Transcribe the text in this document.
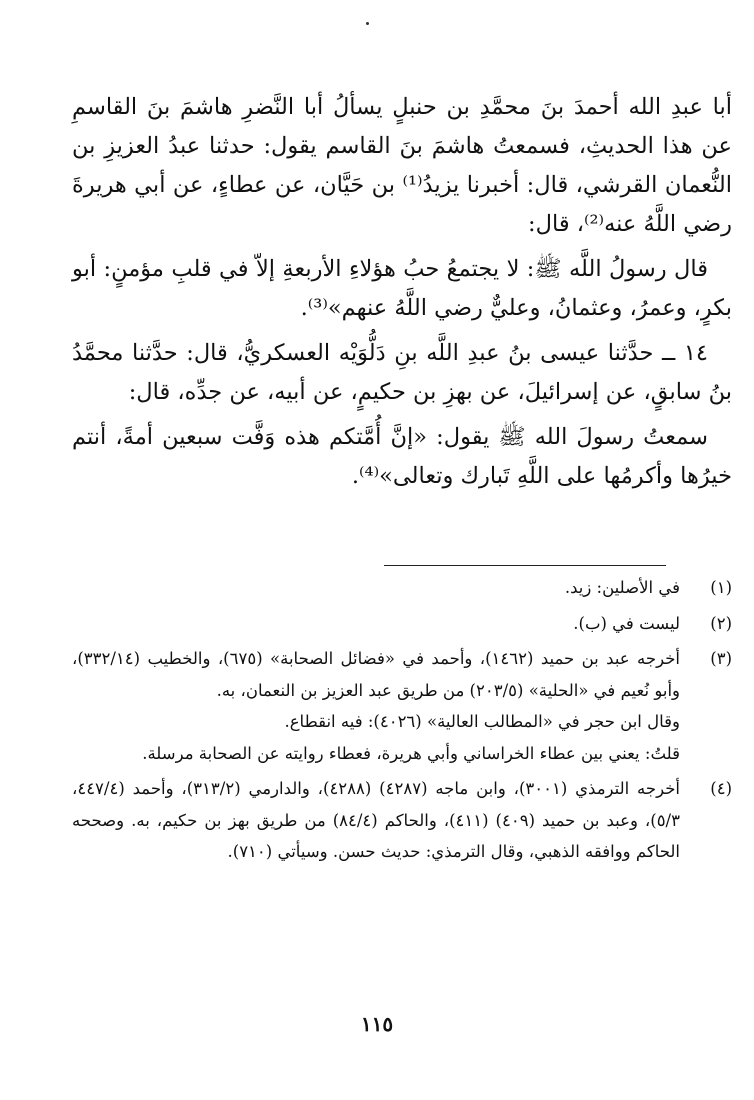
أبا عبدِ الله أحمدَ بنَ محمَّدِ بن حنبلٍ يسألُ أبا النَّضرِ هاشمَ بنَ القاسمِ عن هذا الحديثِ، فسمعتُ هاشمَ بنَ القاسم يقول: حدثنا عبدُ العزيزِ بن النُّعمان القرشي، قال: أخبرنا يزيدُ⁽¹⁾ بن حَيَّان، عن عطاءٍ، عن أبي هريرةَ رضي اللَّهُ عنه⁽²⁾، قال:

قال رسولُ اللَّه ﷺ: لا يجتمعُ حبُ هؤلاءِ الأربعةِ إلاّ في قلبِ مؤمنٍ: أبو بكرٍ، وعمرُ، وعثمانُ، وعليٌّ رضي اللَّهُ عنهم»⁽³⁾.

١٤ ــ حدَّثنا عيسى بنُ عبدِ اللَّه بنِ دَلُّوَيْه العسكريُّ، قال: حدَّثنا محمَّدُ بنُ سابقٍ، عن إسرائيلَ، عن بهزِ بن حكيمٍ، عن أبيه، عن جدِّه، قال:

سمعتُ رسولَ الله ﷺ يقول: «إنَّ أُمَّتكم هذه وَفَّت سبعين أمةً، أنتم خيرُها وأكرمُها على اللَّهِ تَبارك وتعالى»⁽⁴⁾.

(١)

في الأصلين: زيد.

(٢)

ليست في (ب).

(٣)

أخرجه عبد بن حميد (١٤٦٢)، وأحمد في «فضائل الصحابة» (٦٧٥)، والخطيب (٣٣٢/١٤)، وأبو نُعيم في «الحلية» (٢٠٣/٥) من طريق عبد العزيز بن النعمان، به.

وقال ابن حجر في «المطالب العالية» (٤٠٢٦): فيه انقطاع.

قلتُ: يعني بين عطاء الخراساني وأبي هريرة، فعطاء روايته عن الصحابة مرسلة.

(٤)

أخرجه الترمذي (٣٠٠١)، وابن ماجه (٤٢٨٧) (٤٢٨٨)، والدارمي (٣١٣/٢)، وأحمد (٤٤٧/٤، ٥/٣)، وعبد بن حميد (٤٠٩) (٤١١)، والحاكم (٨٤/٤) من طريق بهز بن حكيم، به. وصححه الحاكم ووافقه الذهبي، وقال الترمذي: حديث حسن. وسيأتي (٧١٠).

١١٥
